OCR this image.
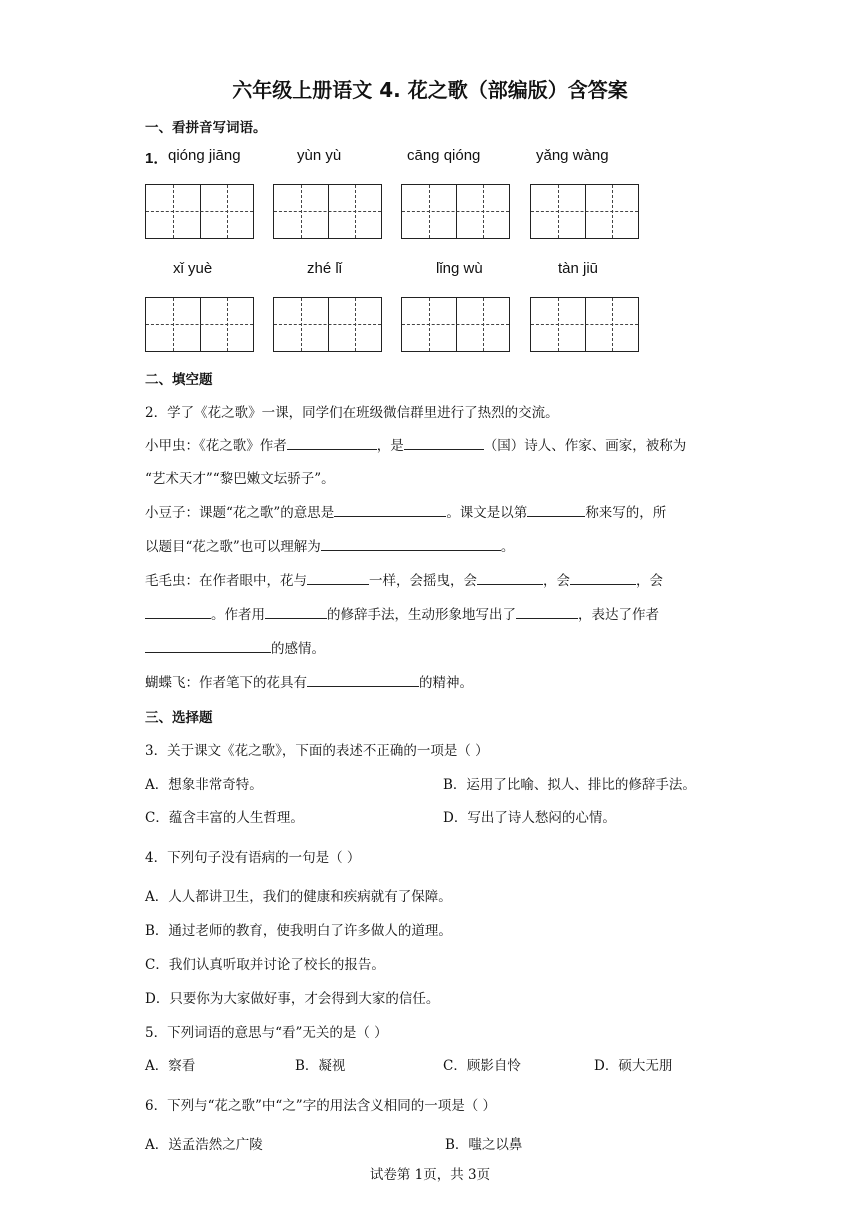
六年级上册语文 4. 花之歌（部编版）含答案
一、看拼音写词语。
1． qióng jiāng	yùn yù	cāng qióng	yǎng wàng
xǐ yuè	zhé lǐ	lǐng wù	tàn jiū
二、填空题
2．学了《花之歌》一课，同学们在班级微信群里进行了热烈的交流。
小甲虫：《花之歌》作者	，是	（国）诗人、作家、画家，被称为
“艺术天才”“黎巴嫩文坛骄子”。
小豆子：课题“花之歌”的意思是	。课文是以第	称来写的，所
以题目“花之歌”也可以理解为	。
毛毛虫：在作者眼中，花与	一样，会摇曳，会	，会	，会
。作者用	的修辞手法，生动形象地写出了	，表达了作者
的感情。
蝴蝶飞：作者笔下的花具有	的精神。
三、选择题
3．关于课文《花之歌》，下面的表述不正确的一项是（ ）
A．想象非常奇特。	B．运用了比喻、拟人、排比的修辞手法。
C．蕴含丰富的人生哲理。	D．写出了诗人愁闷的心情。
4．下列句子没有语病的一句是（ ）
A．人人都讲卫生，我们的健康和疾病就有了保障。
B．通过老师的教育，使我明白了许多做人的道理。
C．我们认真听取并讨论了校长的报告。
D．只要你为大家做好事，才会得到大家的信任。
5．下列词语的意思与“看”无关的是（ ）
A．察看	B．凝视	C．顾影自怜	D．硕大无朋
6．下列与“花之歌”中“之”字的用法含义相同的一项是（ ）
A．送孟浩然之广陵	B．嗤之以鼻
试卷第 1页，共 3页
